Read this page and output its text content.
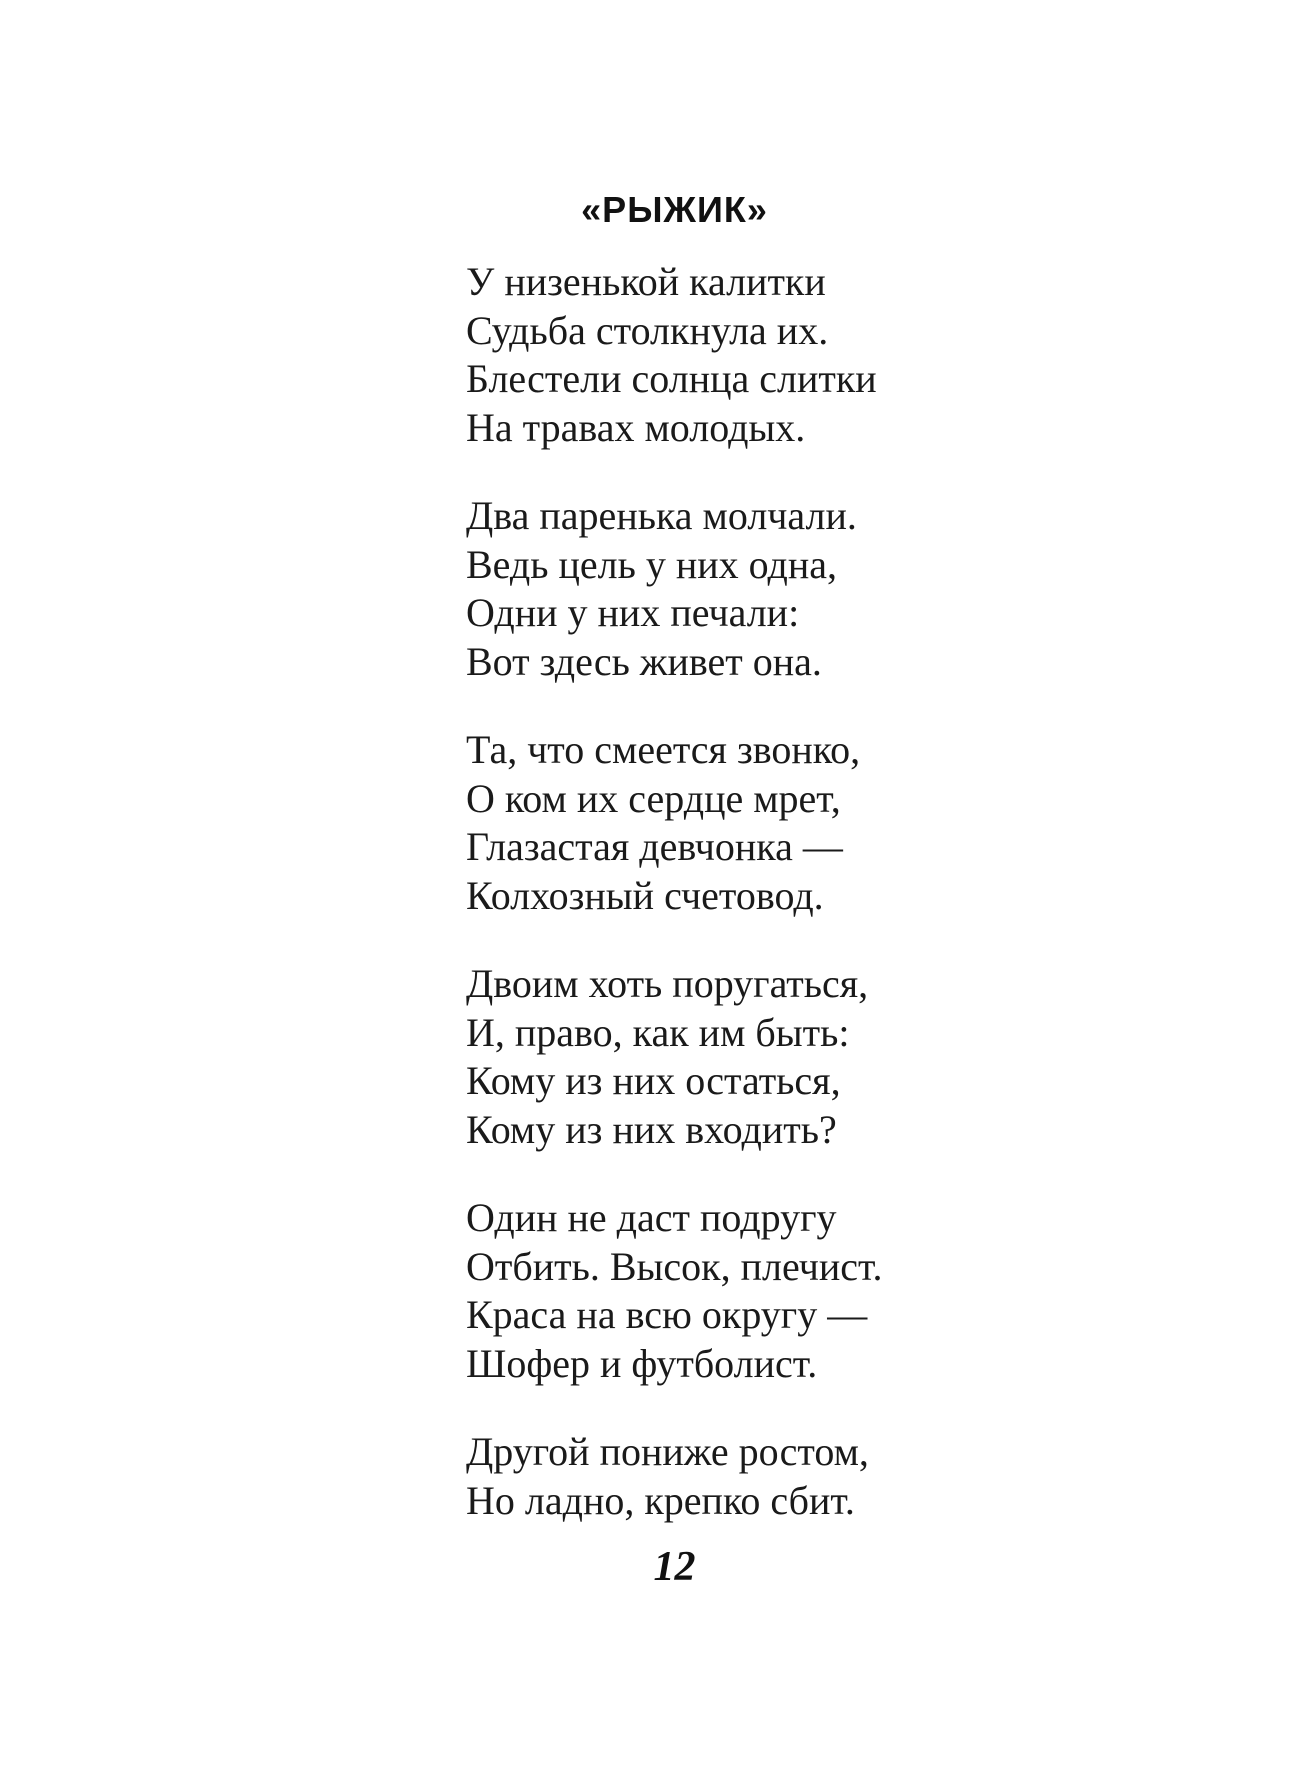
«РЫЖИК»
У низенькой калитки
Судьба столкнула их.
Блестели солнца слитки
На травах молодых.
Два паренька молчали.
Ведь цель у них одна,
Одни у них печали:
Вот здесь живет она.
Та, что смеется звонко,
О ком их сердце мрет,
Глазастая девчонка —
Колхозный счетовод.
Двоим хоть поругаться,
И, право, как им быть:
Кому из них остаться,
Кому из них входить?
Один не даст подругу
Отбить. Высок, плечист.
Краса на всю округу —
Шофер и футболист.
Другой пониже ростом,
Но ладно, крепко сбит.
12
